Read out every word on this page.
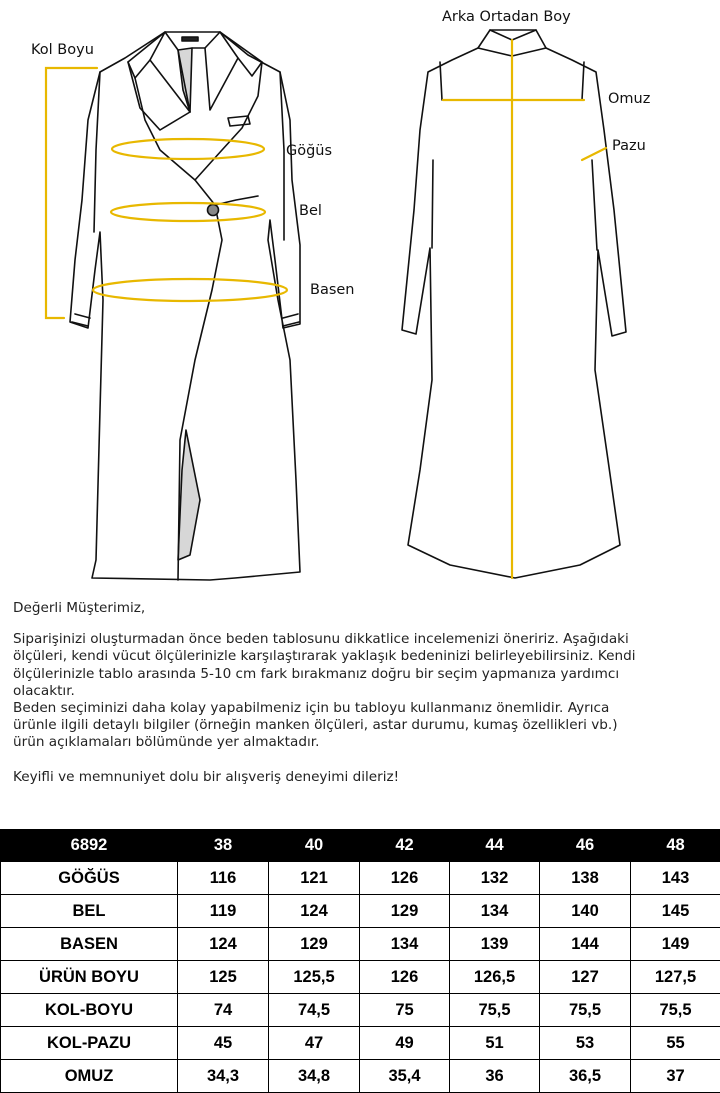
Kol Boyu
Arka Ortadan Boy
Göğüs
Bel
Basen
Omuz
Pazu

Değerli Müşterimiz,

Siparişinizi oluşturmadan önce beden tablosunu dikkatlice incelemenizi öneririz. Aşağıdaki

ölçüleri, kendi vücut ölçülerinizle karşılaştırarak yaklaşık bedeninizi belirleyebilirsiniz. Kendi

ölçülerinizle tablo arasında 5-10 cm fark bırakmanız doğru bir seçim yapmanıza yardımcı

olacaktır.

Beden seçiminizi daha kolay yapabilmeniz için bu tabloyu kullanmanız önemlidir. Ayrıca

ürünle ilgili detaylı bilgiler (örneğin manken ölçüleri, astar durumu, kumaş özellikleri vb.)

ürün açıklamaları bölümünde yer almaktadır.

Keyifli ve memnuniyet dolu bir alışveriş deneyimi dileriz!

6892	38	40	42	44	46	48
GÖĞÜS	116	121	126	132	138	143
BEL	119	124	129	134	140	145
BASEN	124	129	134	139	144	149
ÜRÜN BOYU	125	125,5	126	126,5	127	127,5
KOL-BOYU	74	74,5	75	75,5	75,5	75,5
KOL-PAZU	45	47	49	51	53	55
OMUZ	34,3	34,8	35,4	36	36,5	37
